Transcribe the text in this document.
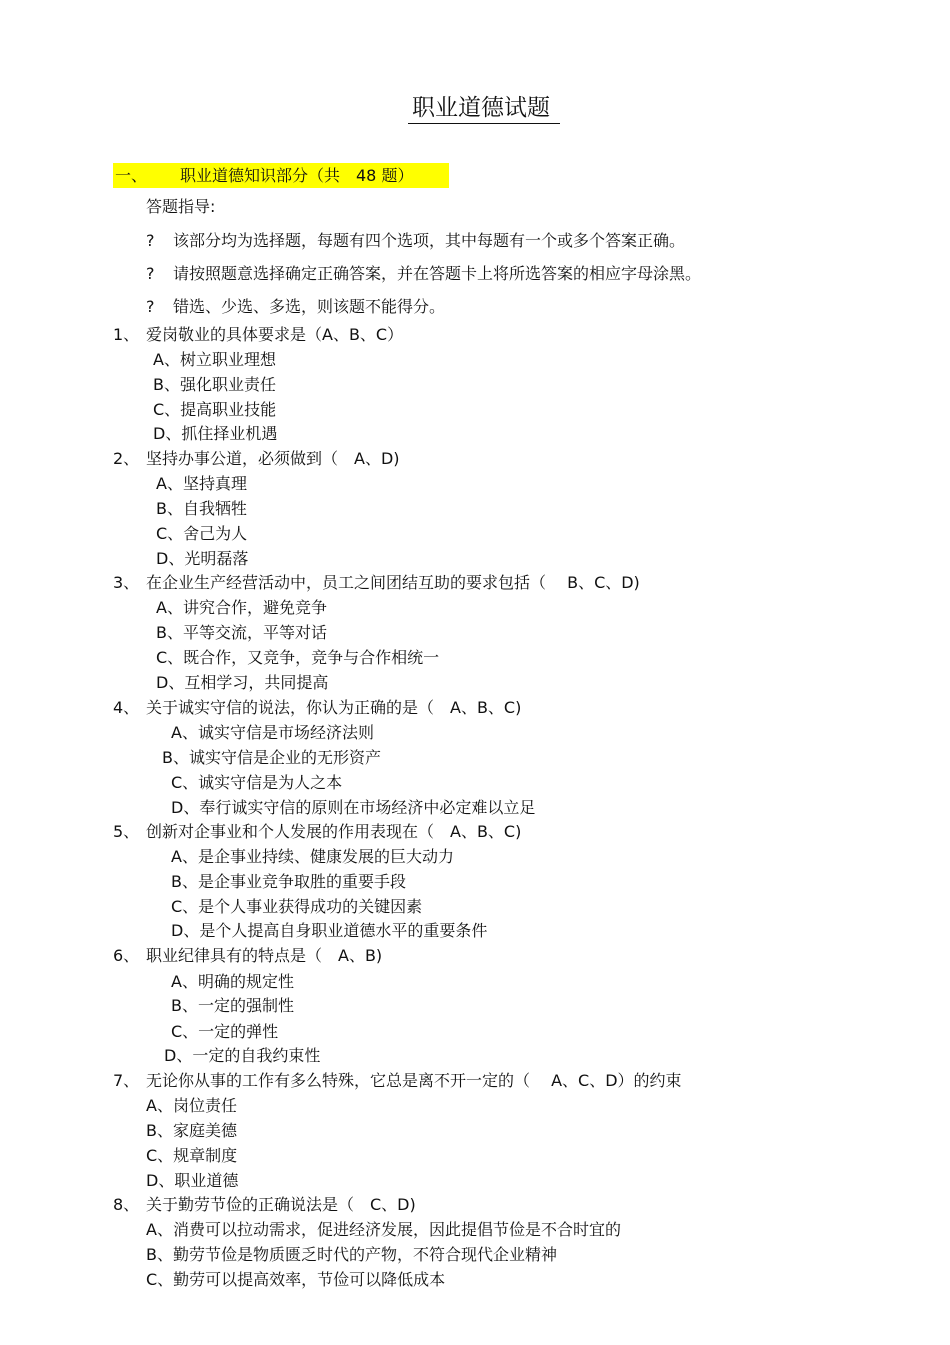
职业道德试题
一、 职业道德知识部分（共　48 题）
答题指导:
? 该部分均为选择题，每题有四个选项，其中每题有一个或多个答案正确。
? 请按照题意选择确定正确答案，并在答题卡上将所选答案的相应字母涂黑。
? 错选、少选、多选，则该题不能得分。
1、 爱岗敬业的具体要求是（A、B、C）
A、树立职业理想
B、强化职业责任
C、提高职业技能
D、抓住择业机遇
2、 坚持办事公道，必须做到（　A、D)
A、坚持真理
B、自我牺牲
C、舍己为人
D、光明磊落
3、 在企业生产经营活动中，员工之间团结互助的要求包括（　 B、C、D)
A、讲究合作，避免竞争
B、平等交流，平等对话
C、既合作，又竞争，竞争与合作相统一
D、互相学习，共同提高
4、 关于诚实守信的说法，你认为正确的是（　A、B、C)
A、诚实守信是市场经济法则
B、诚实守信是企业的无形资产
C、诚实守信是为人之本
D、奉行诚实守信的原则在市场经济中必定难以立足
5、 创新对企事业和个人发展的作用表现在（　A、B、C)
A、是企事业持续、健康发展的巨大动力
B、是企事业竞争取胜的重要手段
C、是个人事业获得成功的关键因素
D、是个人提高自身职业道德水平的重要条件
6、 职业纪律具有的特点是（　A、B)
A、明确的规定性
B、一定的强制性
C、一定的弹性
D、一定的自我约束性
7、 无论你从事的工作有多么特殊，它总是离不开一定的（　 A、C、D）的约束
A、岗位责任
B、家庭美德
C、规章制度
D、职业道德
8、 关于勤劳节俭的正确说法是（　C、D)
A、消费可以拉动需求，促进经济发展，因此提倡节俭是不合时宜的
B、勤劳节俭是物质匮乏时代的产物，不符合现代企业精神
C、勤劳可以提高效率，节俭可以降低成本
